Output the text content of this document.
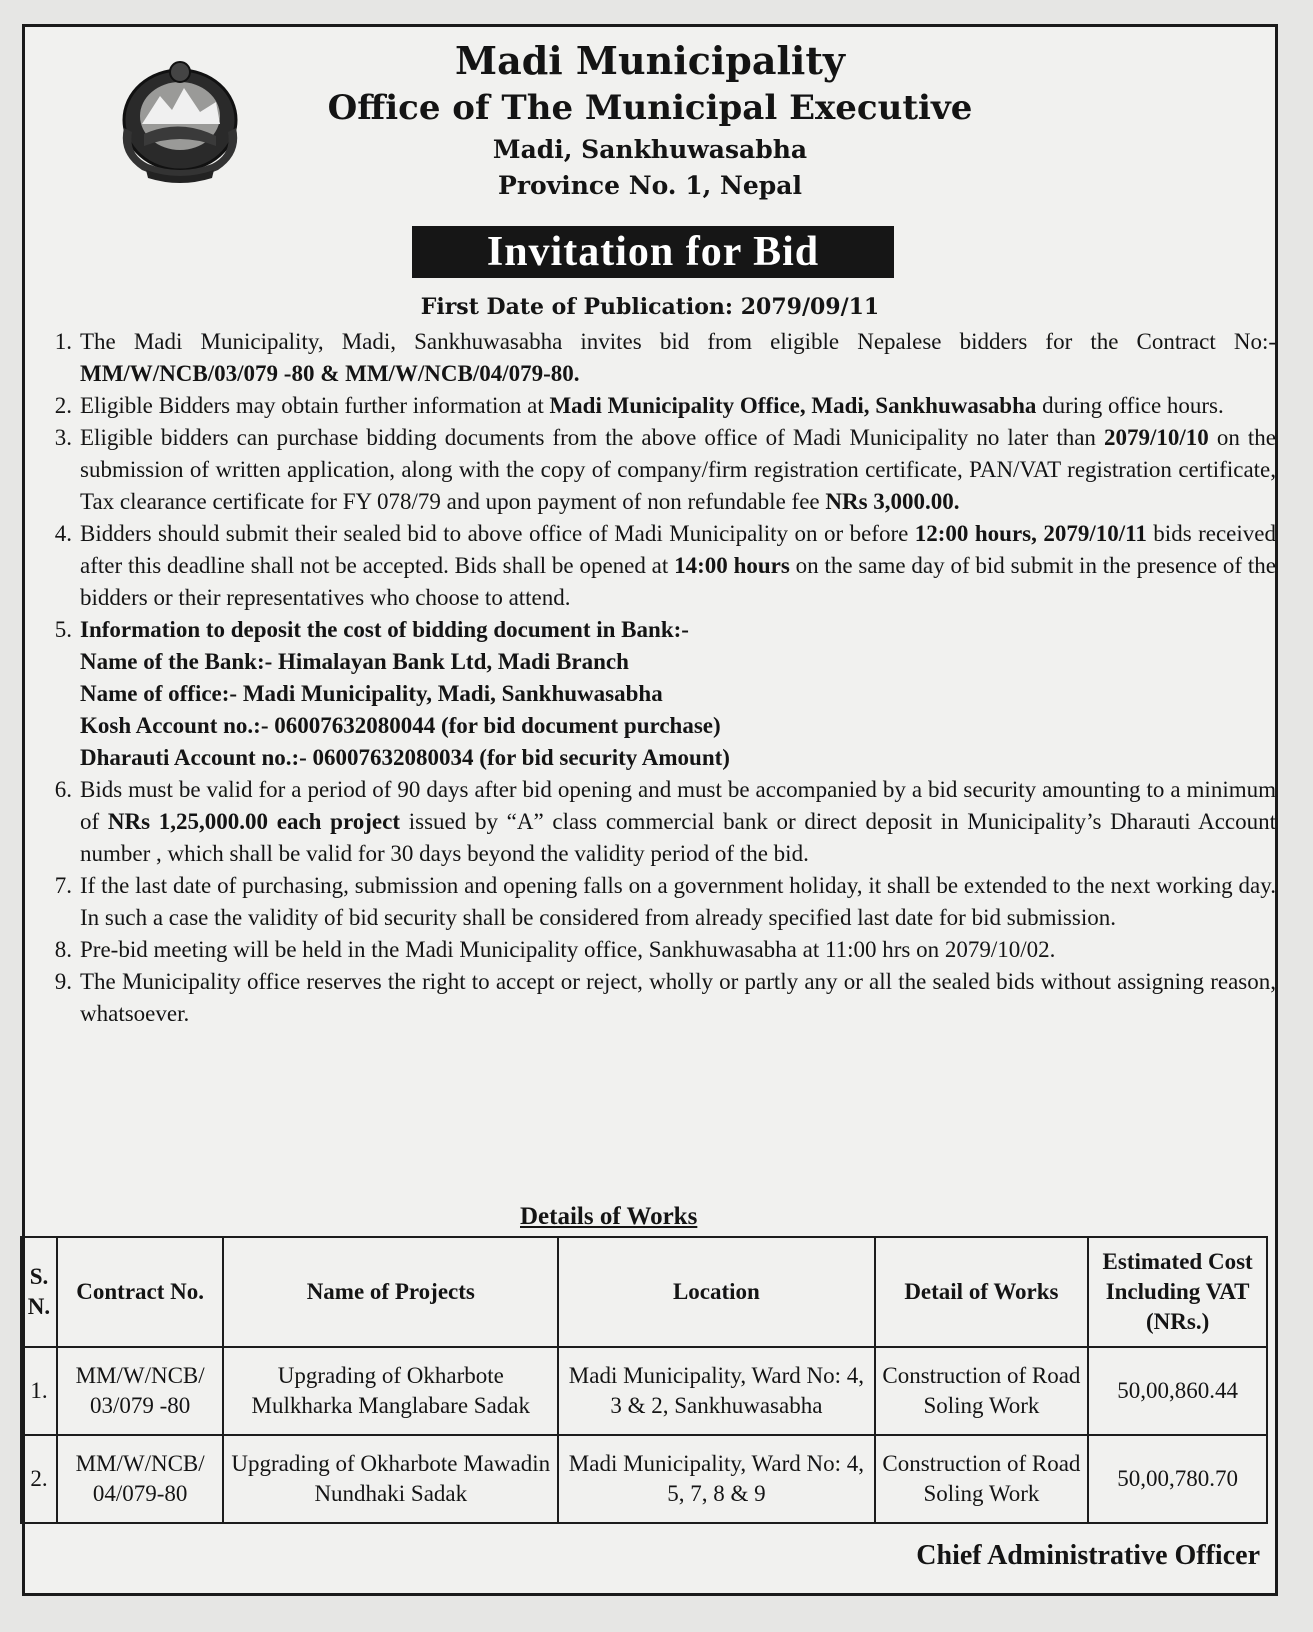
Madi Municipality
Office of The Municipal Executive
Madi, Sankhuwasabha
Province No. 1, Nepal
Invitation for Bid
First Date of Publication: 2079/09/11
1. The Madi Municipality, Madi, Sankhuwasabha invites bid from eligible Nepalese bidders for the Contract No:- MM/W/NCB/03/079 -80 & MM/W/NCB/04/079-80.
2. Eligible Bidders may obtain further information at Madi Municipality Office, Madi, Sankhuwasabha during office hours.
3. Eligible bidders can purchase bidding documents from the above office of Madi Municipality no later than 2079/10/10 on the submission of written application, along with the copy of company/firm registration certificate, PAN/VAT registration certificate, Tax clearance certificate for FY 078/79 and upon payment of non refundable fee NRs 3,000.00.
4. Bidders should submit their sealed bid to above office of Madi Municipality on or before 12:00 hours, 2079/10/11 bids received after this deadline shall not be accepted. Bids shall be opened at 14:00 hours on the same day of bid submit in the presence of the bidders or their representatives who choose to attend.
5. Information to deposit the cost of bidding document in Bank:-
Name of the Bank:- Himalayan Bank Ltd, Madi Branch
Name of office:- Madi Municipality, Madi, Sankhuwasabha
Kosh Account no.:- 06007632080044 (for bid document purchase)
Dharauti Account no.:- 06007632080034 (for bid security Amount)
6. Bids must be valid for a period of 90 days after bid opening and must be accompanied by a bid security amounting to a minimum of NRs 1,25,000.00 each project issued by “A” class commercial bank or direct deposit in Municipality’s Dharauti Account number , which shall be valid for 30 days beyond the validity period of the bid.
7. If the last date of purchasing, submission and opening falls on a government holiday, it shall be extended to the next working day. In such a case the validity of bid security shall be considered from already specified last date for bid submission.
8. Pre-bid meeting will be held in the Madi Municipality office, Sankhuwasabha at 11:00 hrs on 2079/10/02.
9. The Municipality office reserves the right to accept or reject, wholly or partly any or all the sealed bids without assigning reason, whatsoever.
Details of Works
S. N.	Contract No.	Name of Projects	Location	Detail of Works	Estimated Cost Including VAT (NRs.)
1.	MM/W/NCB/ 03/079 -80	Upgrading of Okharbote Mulkharka Manglabare Sadak	Madi Municipality, Ward No: 4, 3 & 2, Sankhuwasabha	Construction of Road Soling Work	50,00,860.44
2.	MM/W/NCB/ 04/079-80	Upgrading of Okharbote Mawadin Nundhaki Sadak	Madi Municipality, Ward No: 4, 5, 7, 8 & 9	Construction of Road Soling Work	50,00,780.70
Chief Administrative Officer
